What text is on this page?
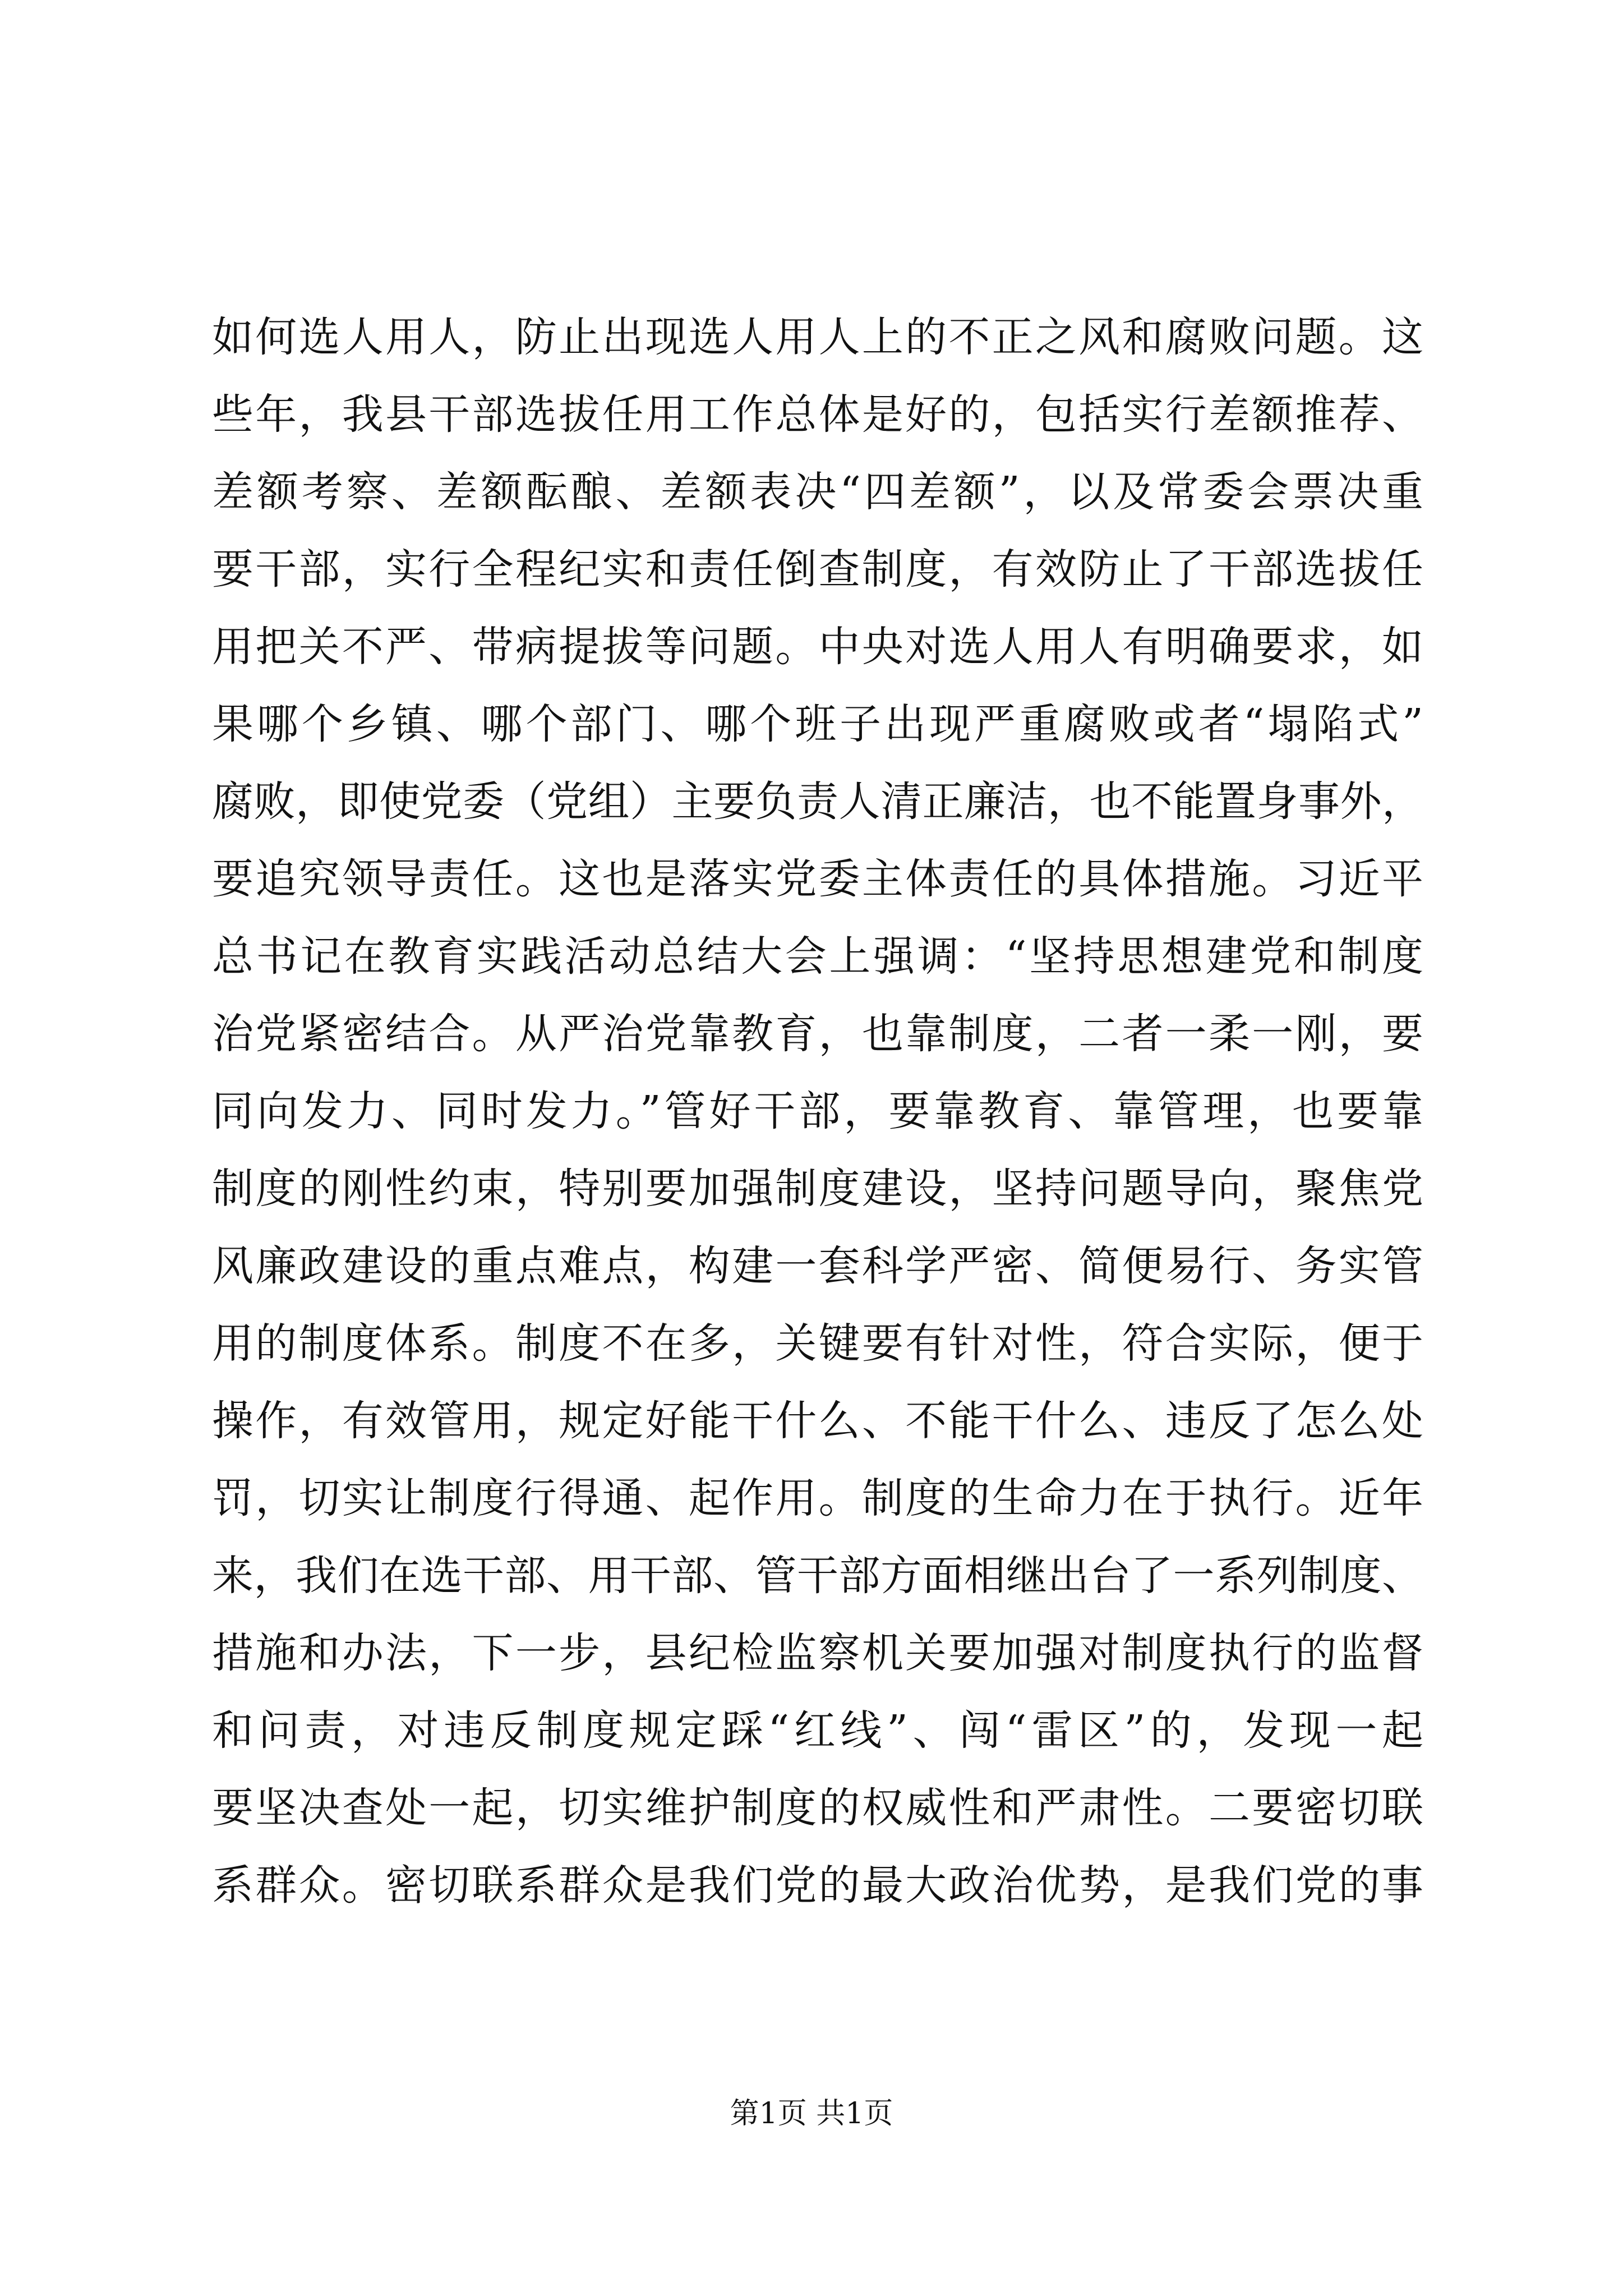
如何选人用人，防止出现选人用人上的不正之风和腐败问题。这
些年，我县干部选拔任用工作总体是好的，包括实行差额推荐、
差额考察、差额酝酿、差额表决“四差额”，以及常委会票决重
要干部，实行全程纪实和责任倒查制度，有效防止了干部选拔任
用把关不严、带病提拔等问题。中央对选人用人有明确要求，如
果哪个乡镇、哪个部门、哪个班子出现严重腐败或者“塌陷式”
腐败，即使党委（党组）主要负责人清正廉洁，也不能置身事外，
要追究领导责任。这也是落实党委主体责任的具体措施。习近平
总书记在教育实践活动总结大会上强调：“坚持思想建党和制度
治党紧密结合。从严治党靠教育，也靠制度，二者一柔一刚，要
同向发力、同时发力。”管好干部，要靠教育、靠管理，也要靠
制度的刚性约束，特别要加强制度建设，坚持问题导向，聚焦党
风廉政建设的重点难点，构建一套科学严密、简便易行、务实管
用的制度体系。制度不在多，关键要有针对性，符合实际，便于
操作，有效管用，规定好能干什么、不能干什么、违反了怎么处
罚，切实让制度行得通、起作用。制度的生命力在于执行。近年
来，我们在选干部、用干部、管干部方面相继出台了一系列制度、
措施和办法，下一步，县纪检监察机关要加强对制度执行的监督
和问责，对违反制度规定踩“红线”、闯“雷区”的，发现一起
要坚决查处一起，切实维护制度的权威性和严肃性。二要密切联
系群众。密切联系群众是我们党的最大政治优势，是我们党的事
第1页 共1页
